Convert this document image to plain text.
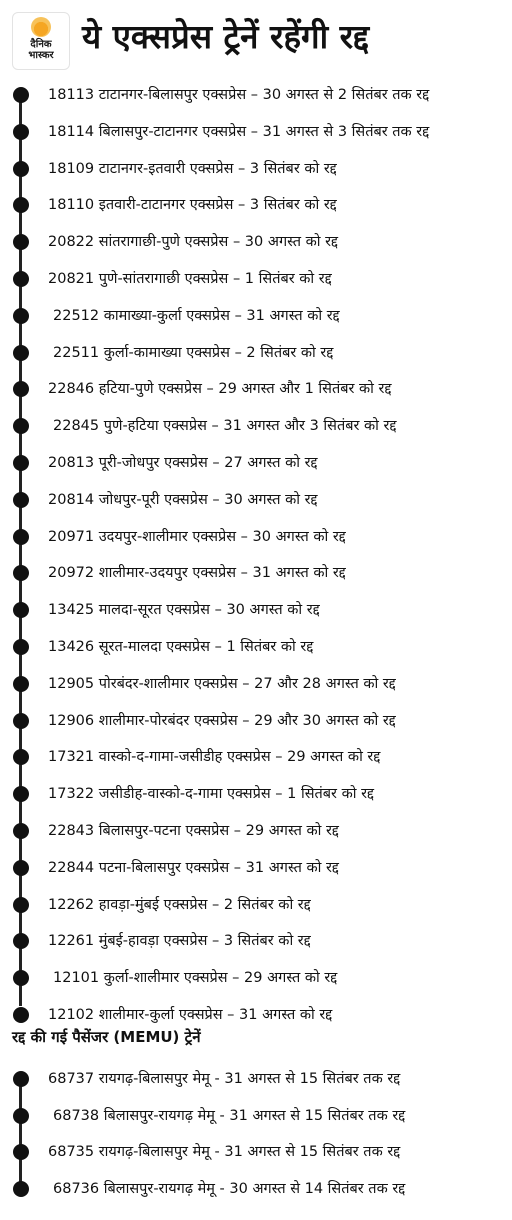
दैनिक
भास्कर ये एक्सप्रेस ट्रेनें रहेंगी रद्द
18113 टाटानगर-बिलासपुर एक्सप्रेस – 30 अगस्त से 2 सितंबर तक रद्द
18114 बिलासपुर-टाटानगर एक्सप्रेस – 31 अगस्त से 3 सितंबर तक रद्द
18109 टाटानगर-इतवारी एक्सप्रेस – 3 सितंबर को रद्द
18110 इतवारी-टाटानगर एक्सप्रेस – 3 सितंबर को रद्द
20822 सांतरागाछी-पुणे एक्सप्रेस – 30 अगस्त को रद्द
20821 पुणे-सांतरागाछी एक्सप्रेस – 1 सितंबर को रद्द
22512 कामाख्या-कुर्ला एक्सप्रेस – 31 अगस्त को रद्द
22511 कुर्ला-कामाख्या एक्सप्रेस – 2 सितंबर को रद्द
22846 हटिया-पुणे एक्सप्रेस – 29 अगस्त और 1 सितंबर को रद्द
22845 पुणे-हटिया एक्सप्रेस – 31 अगस्त और 3 सितंबर को रद्द
20813 पूरी-जोधपुर एक्सप्रेस – 27 अगस्त को रद्द
20814 जोधपुर-पूरी एक्सप्रेस – 30 अगस्त को रद्द
20971 उदयपुर-शालीमार एक्सप्रेस – 30 अगस्त को रद्द
20972 शालीमार-उदयपुर एक्सप्रेस – 31 अगस्त को रद्द
13425 मालदा-सूरत एक्सप्रेस – 30 अगस्त को रद्द
13426 सूरत-मालदा एक्सप्रेस – 1 सितंबर को रद्द
12905 पोरबंदर-शालीमार एक्सप्रेस – 27 और 28 अगस्त को रद्द
12906 शालीमार-पोरबंदर एक्सप्रेस – 29 और 30 अगस्त को रद्द
17321 वास्को-द-गामा-जसीडीह एक्सप्रेस – 29 अगस्त को रद्द
17322 जसीडीह-वास्को-द-गामा एक्सप्रेस – 1 सितंबर को रद्द
22843 बिलासपुर-पटना एक्सप्रेस – 29 अगस्त को रद्द
22844 पटना-बिलासपुर एक्सप्रेस – 31 अगस्त को रद्द
12262 हावड़ा-मुंबई एक्सप्रेस – 2 सितंबर को रद्द
12261 मुंबई-हावड़ा एक्सप्रेस – 3 सितंबर को रद्द
12101 कुर्ला-शालीमार एक्सप्रेस – 29 अगस्त को रद्द
12102 शालीमार-कुर्ला एक्सप्रेस – 31 अगस्त को रद्द
रद्द की गई पैसेंजर (MEMU) ट्रेनें
68737 रायगढ़-बिलासपुर मेमू - 31 अगस्त से 15 सितंबर तक रद्द
68738 बिलासपुर-रायगढ़ मेमू - 31 अगस्त से 15 सितंबर तक रद्द
68735 रायगढ़-बिलासपुर मेमू - 31 अगस्त से 15 सितंबर तक रद्द
68736 बिलासपुर-रायगढ़ मेमू - 30 अगस्त से 14 सितंबर तक रद्द
